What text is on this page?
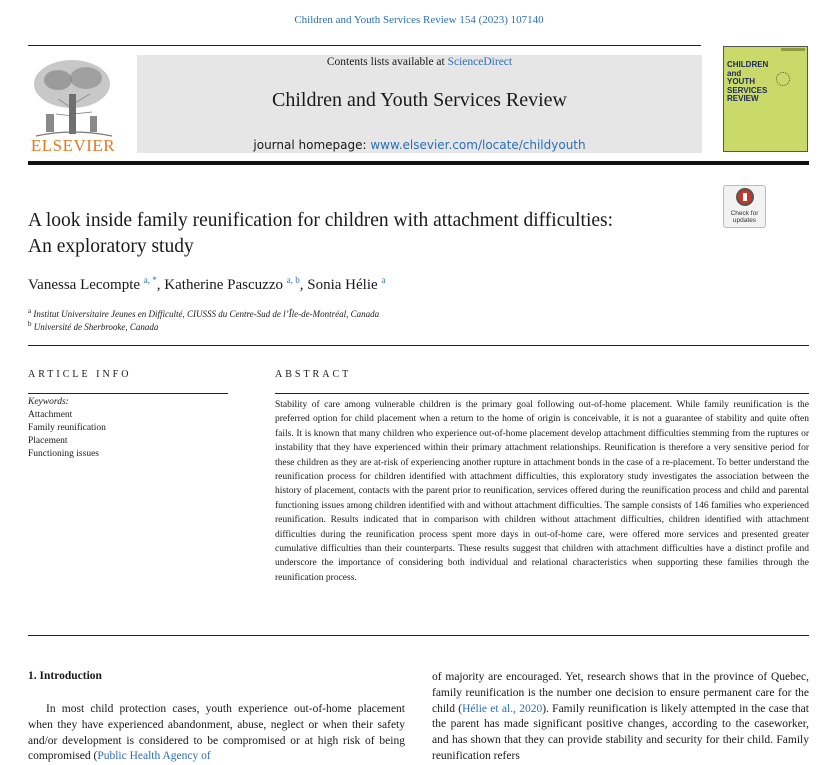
Children and Youth Services Review 154 (2023) 107140
ELSEVIER
Contents lists available at ScienceDirect
Children and Youth Services Review
journal homepage: www.elsevier.com/locate/childyouth
CHILDREN
and
YOUTH
SERVICES
REVIEW
Check for
updates
A look inside family reunification for children with attachment difficulties:
An exploratory study
Vanessa Lecompte $^{a, *}$, Katherine Pascuzzo $^{a, b}$, Sonia Hélie $^a$
$^a$ Institut Universitaire Jeunes en Difficulté, CIUSSS du Centre-Sud de l’Île-de-Montréal, Canada
$^b$ Université de Sherbrooke, Canada
ARTICLE INFO
Keywords:
Attachment
Family reunification
Placement
Functioning issues
ABSTRACT
Stability of care among vulnerable children is the primary goal following out-of-home placement. While family reunification is the preferred option for child placement when a return to the home of origin is conceivable, it is not a guarantee of stability and quite often fails. It is known that many children who experience out-of-home placement develop attachment difficulties stemming from the ruptures or instability that they have experienced within their primary attachment relationships. Reunification is therefore a very sensitive period for these children as they are at-risk of experiencing another rupture in attachment bonds in the case of a re-placement. To better understand the reunification process for children identified with attachment difficulties, this exploratory study investigates the association between the history of placement, contacts with the parent prior to reunification, services offered during the reunification process and child and parental functioning issues among children identified with and without attachment difficulties. The sample consists of 146 families who experienced reunification. Results indicated that in comparison with children without attachment difficulties, children identified with attachment difficulties during the reunification process spent more days in out-of-home care, were offered more services and presented greater cumulative difficulties than their counterparts. These results suggest that children with attachment difficulties have a distinct profile and underscore the importance of considering both individual and relational characteristics when supporting these families through the reunification process.
1. Introduction
In most child protection cases, youth experience out-of-home placement when they have experienced abandonment, abuse, neglect or when their safety and/or development is considered to be compromised or at high risk of being compromised (Public Health Agency of
of majority are encouraged. Yet, research shows that in the province of Quebec, family reunification is the number one decision to ensure permanent care for the child (Hélie et al., 2020). Family reunification is likely attempted in the case that the parent has made significant positive changes, according to the caseworker, and has shown that they can provide stability and security for their child. Family reunification refers
